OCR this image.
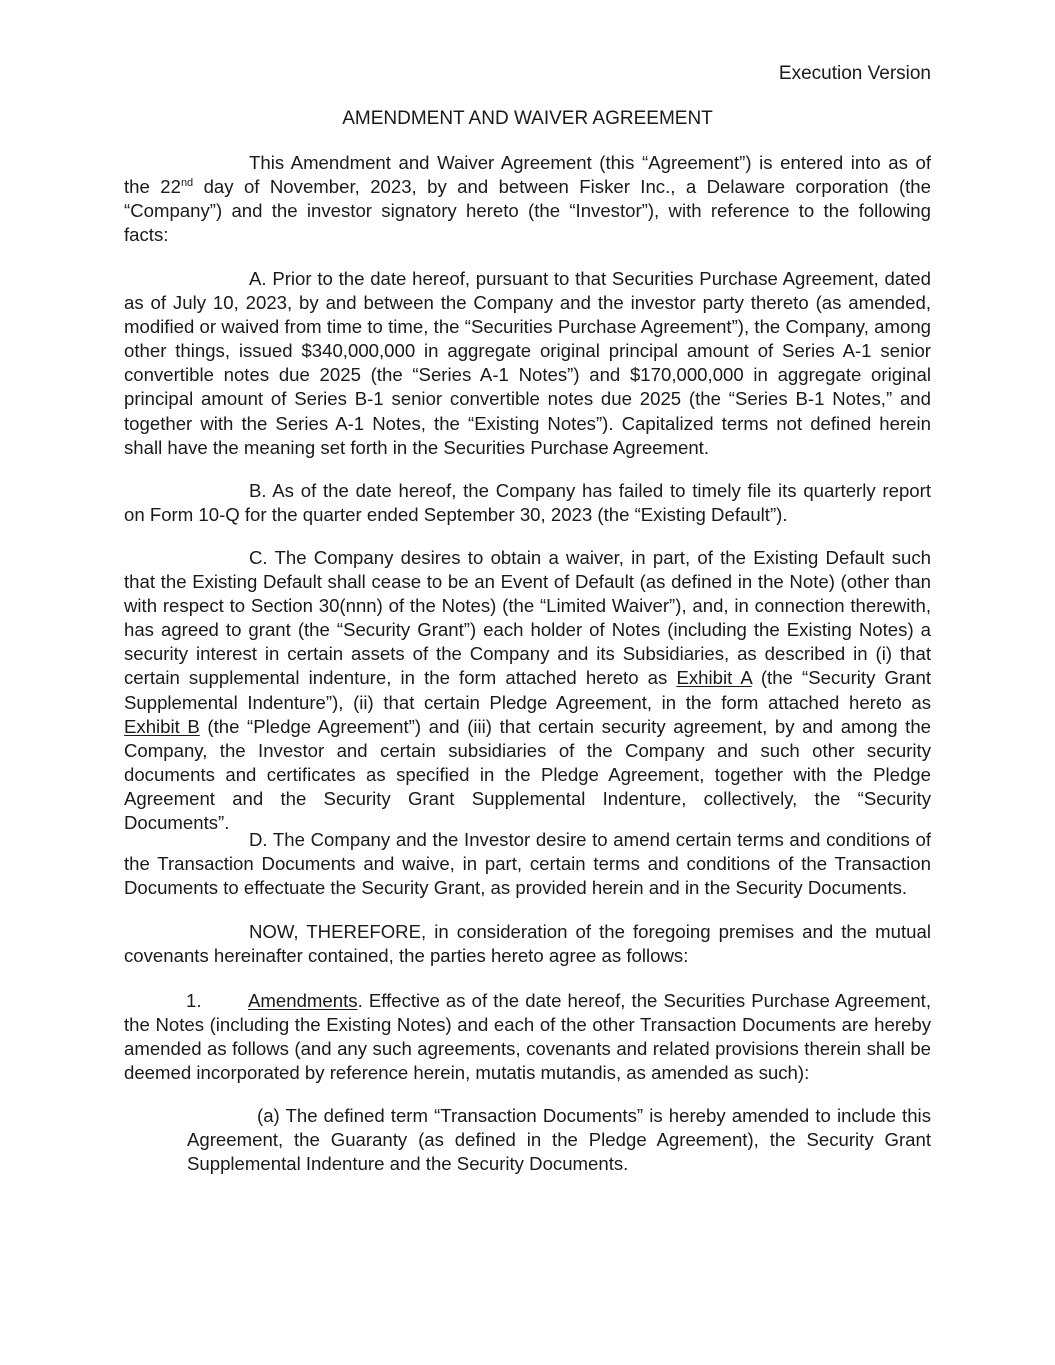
Execution Version
AMENDMENT AND WAIVER AGREEMENT

This Amendment and Waiver Agreement (this “Agreement”) is entered into as of the 22nd day of November, 2023, by and between Fisker Inc., a Delaware corporation (the “Company”) and the investor signatory hereto (the “Investor”), with reference to the following facts:

A. Prior to the date hereof, pursuant to that Securities Purchase Agreement, dated as of July 10, 2023, by and between the Company and the investor party thereto (as amended, modified or waived from time to time, the “Securities Purchase Agreement”), the Company, among other things, issued $340,000,000 in aggregate original principal amount of Series A-1 senior convertible notes due 2025 (the “Series A-1 Notes”) and $170,000,000 in aggregate original principal amount of Series B-1 senior convertible notes due 2025 (the “Series B-1 Notes,” and together with the Series A-1 Notes, the “Existing Notes”). Capitalized terms not defined herein shall have the meaning set forth in the Securities Purchase Agreement.

B. As of the date hereof, the Company has failed to timely file its quarterly report on Form 10-Q for the quarter ended September 30, 2023 (the “Existing Default”).

C. The Company desires to obtain a waiver, in part, of the Existing Default such that the Existing Default shall cease to be an Event of Default (as defined in the Note) (other than with respect to Section 30(nnn) of the Notes) (the “Limited Waiver”), and, in connection therewith, has agreed to grant (the “Security Grant”) each holder of Notes (including the Existing Notes) a security interest in certain assets of the Company and its Subsidiaries, as described in (i) that certain supplemental indenture, in the form attached hereto as Exhibit A (the “Security Grant Supplemental Indenture”), (ii) that certain Pledge Agreement, in the form attached hereto as Exhibit B (the “Pledge Agreement”) and (iii) that certain security agreement, by and among the Company, the Investor and certain subsidiaries of the Company and such other security documents and certificates as specified in the Pledge Agreement, together with the Pledge Agreement and the Security Grant Supplemental Indenture, collectively, the “Security Documents”.

D. The Company and the Investor desire to amend certain terms and conditions of the Transaction Documents and waive, in part, certain terms and conditions of the Transaction Documents to effectuate the Security Grant, as provided herein and in the Security Documents.

NOW, THEREFORE, in consideration of the foregoing premises and the mutual covenants hereinafter contained, the parties hereto agree as follows:

1. Amendments. Effective as of the date hereof, the Securities Purchase Agreement, the Notes (including the Existing Notes) and each of the other Transaction Documents are hereby amended as follows (and any such agreements, covenants and related provisions therein shall be deemed incorporated by reference herein, mutatis mutandis, as amended as such):

(a) The defined term “Transaction Documents” is hereby amended to include this Agreement, the Guaranty (as defined in the Pledge Agreement), the Security Grant Supplemental Indenture and the Security Documents.
